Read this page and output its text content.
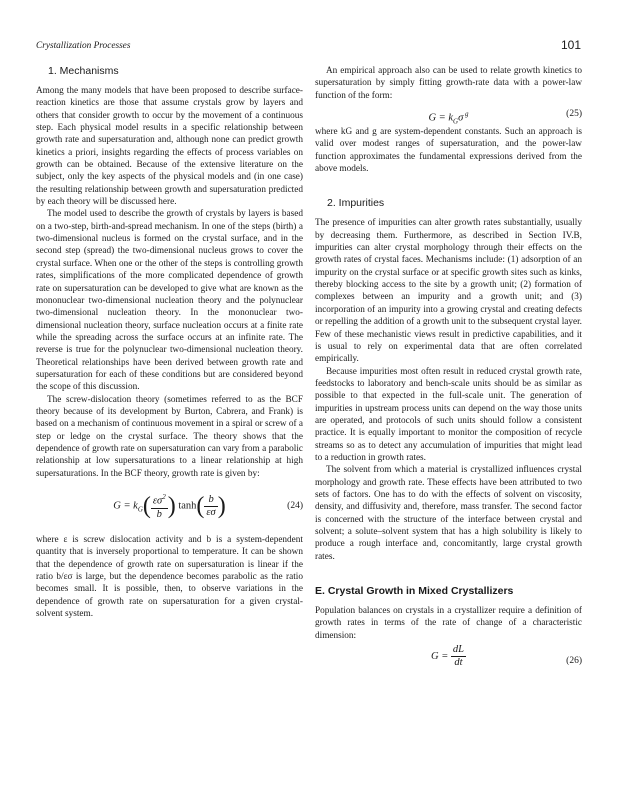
Crystallization Processes	101
1. Mechanisms

Among the many models that have been proposed to describe surface-reaction kinetics are those that assume crystals grow by layers and others that consider growth to occur by the movement of a continuous step. Each physical model results in a specific relationship between growth rate and supersaturation and, although none can predict growth kinetics a priori, insights regarding the effects of process variables on growth can be obtained. Because of the extensive literature on the subject, only the key aspects of the physical models and (in one case) the resulting relationship between growth and supersaturation predicted by each theory will be discussed here.

The model used to describe the growth of crystals by layers is based on a two-step, birth-and-spread mechanism. In one of the steps (birth) a two-dimensional nucleus is formed on the crystal surface, and in the second step (spread) the two-dimensional nucleus grows to cover the crystal surface. When one or the other of the steps is controlling growth rates, simplifications of the more complicated dependence of growth rate on supersaturation can be developed to give what are known as the mononuclear two-dimensional nucleation theory and the polynuclear two-dimensional nucleation theory. In the mononuclear two-dimensional nucleation theory, surface nucleation occurs at a finite rate while the spreading across the surface occurs at an infinite rate. The reverse is true for the polynuclear two-dimensional nucleation theory. Theoretical relationships have been derived between growth rate and supersaturation for each of these conditions but are considered beyond the scope of this discussion.

The screw-dislocation theory (sometimes referred to as the BCF theory because of its development by Burton, Cabrera, and Frank) is based on a mechanism of continuous movement in a spiral or screw of a step or ledge on the crystal surface. The theory shows that the dependence of growth rate on supersaturation can vary from a parabolic relationship at low supersaturations to a linear relationship at high supersaturations. In the BCF theory, growth rate is given by:

$G = k_G( \frac{\varepsilon\sigma^2}{b}$ ) $\tanh( \frac{b}{\varepsilon\sigma}$ )	(24)

where ε is screw dislocation activity and b is a system-dependent quantity that is inversely proportional to temperature. It can be shown that the dependence of growth rate on supersaturation is linear if the ratio b/εσ is large, but the dependence becomes parabolic as the ratio becomes small. It is possible, then, to observe variations in the dependence of growth rate on supersaturation for a given crystal-solvent system.

An empirical approach also can be used to relate growth kinetics to supersaturation by simply fitting growth-rate data with a power-law function of the form:

$G = k_G\sigma$ $^g$	(25)

where kG and g are system-dependent constants. Such an approach is valid over modest ranges of supersaturation, and the power-law function approximates the fundamental expressions derived from the above models.

2. Impurities

The presence of impurities can alter growth rates substantially, usually by decreasing them. Furthermore, as described in Section IV.B, impurities can alter crystal morphology through their effects on the growth rates of crystal faces. Mechanisms include: (1) adsorption of an impurity on the crystal surface or at specific growth sites such as kinks, thereby blocking access to the site by a growth unit; (2) formation of complexes between an impurity and a growth unit; and (3) incorporation of an impurity into a growing crystal and creating defects or repelling the addition of a growth unit to the subsequent crystal layer. Few of these mechanistic views result in predictive capabilities, and it is usual to rely on experimental data that are often correlated empirically.

Because impurities most often result in reduced crystal growth rate, feedstocks to laboratory and bench-scale units should be as similar as possible to that expected in the full-scale unit. The generation of impurities in upstream process units can depend on the way those units are operated, and protocols of such units should follow a consistent practice. It is equally important to monitor the composition of recycle streams so as to detect any accumulation of impurities that might lead to a reduction in growth rates.

The solvent from which a material is crystallized influences crystal morphology and growth rate. These effects have been attributed to two sets of factors. One has to do with the effects of solvent on viscosity, density, and diffusivity and, therefore, mass transfer. The second factor is concerned with the structure of the interface between crystal and solvent; a solute–solvent system that has a high solubility is likely to produce a rough interface and, concomitantly, large crystal growth rates.

E. Crystal Growth in Mixed Crystallizers

Population balances on crystals in a crystallizer require a definition of growth rates in terms of the rate of change of a characteristic dimension:

$G = \frac{dL}{dt}$	(26)
